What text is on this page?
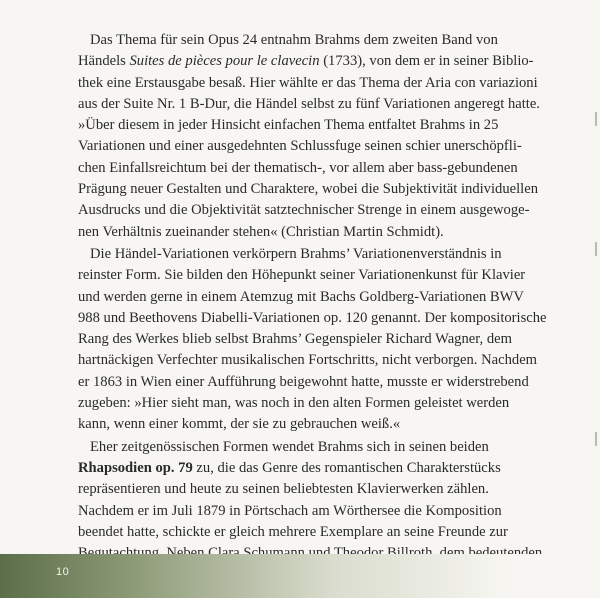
Das Thema für sein Opus 24 entnahm Brahms dem zweiten Band von
Händels Suites de pièces pour le clavecin (1733), von dem er in seiner Biblio-
thek eine Erstausgabe besaß. Hier wählte er das Thema der Aria con variazioni
aus der Suite Nr. 1 B-Dur, die Händel selbst zu fünf Variationen angeregt hatte.
»Über diesem in jeder Hinsicht einfachen Thema entfaltet Brahms in 25
Variationen und einer ausgedehnten Schlussfuge seinen schier unerschöpfli-
chen Einfallsreichtum bei der thematisch-, vor allem aber bass-gebundenen
Prägung neuer Gestalten und Charaktere, wobei die Subjektivität individuellen
Ausdrucks und die Objektivität satztechnischer Strenge in einem ausgewoge-
nen Verhältnis zueinander stehen« (Christian Martin Schmidt).
Die Händel-Variationen verkörpern Brahms’ Variationenverständnis in
reinster Form. Sie bilden den Höhepunkt seiner Variationenkunst für Klavier
und werden gerne in einem Atemzug mit Bachs Goldberg-Variationen BWV
988 und Beethovens Diabelli-Variationen op. 120 genannt. Der kompositorische
Rang des Werkes blieb selbst Brahms’ Gegenspieler Richard Wagner, dem
hartnäckigen Verfechter musikalischen Fortschritts, nicht verborgen. Nachdem
er 1863 in Wien einer Aufführung beigewohnt hatte, musste er widerstrebend
zugeben: »Hier sieht man, was noch in den alten Formen geleistet werden
kann, wenn einer kommt, der sie zu gebrauchen weiß.«
Eher zeitgenössischen Formen wendet Brahms sich in seinen beiden
Rhapsodien op. 79 zu, die das Genre des romantischen Charakterstücks
repräsentieren und heute zu seinen beliebtesten Klavierwerken zählen.
Nachdem er im Juli 1879 in Pörtschach am Wörthersee die Komposition
beendet hatte, schickte er gleich mehrere Exemplare an seine Freunde zur
10
